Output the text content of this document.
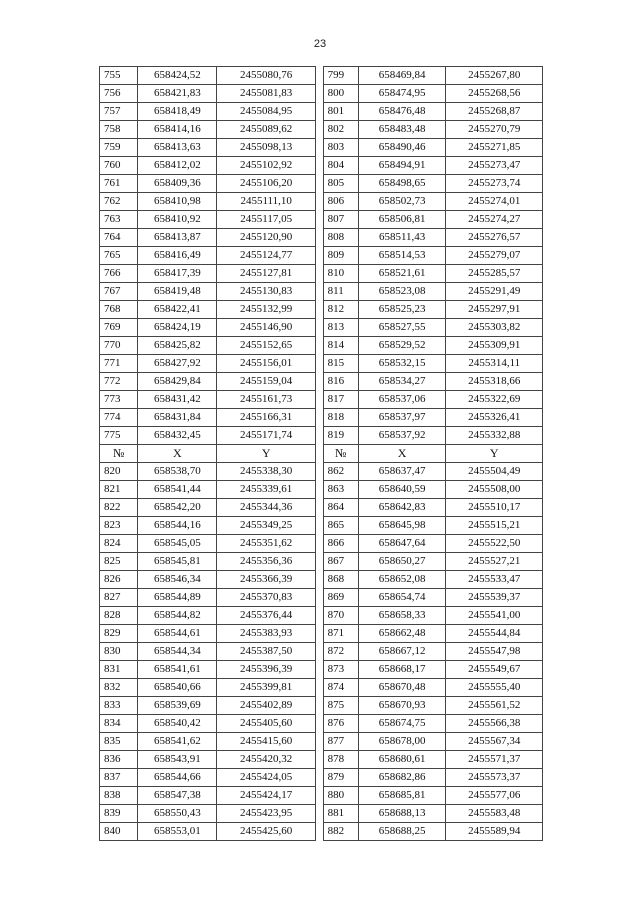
23
755	658424,52	2455080,76		799	658469,84	2455267,80
756	658421,83	2455081,83		800	658474,95	2455268,56
757	658418,49	2455084,95		801	658476,48	2455268,87
758	658414,16	2455089,62		802	658483,48	2455270,79
759	658413,63	2455098,13		803	658490,46	2455271,85
760	658412,02	2455102,92		804	658494,91	2455273,47
761	658409,36	2455106,20		805	658498,65	2455273,74
762	658410,98	2455111,10		806	658502,73	2455274,01
763	658410,92	2455117,05		807	658506,81	2455274,27
764	658413,87	2455120,90		808	658511,43	2455276,57
765	658416,49	2455124,77		809	658514,53	2455279,07
766	658417,39	2455127,81		810	658521,61	2455285,57
767	658419,48	2455130,83		811	658523,08	2455291,49
768	658422,41	2455132,99		812	658525,23	2455297,91
769	658424,19	2455146,90		813	658527,55	2455303,82
770	658425,82	2455152,65		814	658529,52	2455309,91
771	658427,92	2455156,01		815	658532,15	2455314,11
772	658429,84	2455159,04		816	658534,27	2455318,66
773	658431,42	2455161,73		817	658537,06	2455322,69
774	658431,84	2455166,31		818	658537,97	2455326,41
775	658432,45	2455171,74		819	658537,92	2455332,88
№	X	Y		№	X	Y
820	658538,70	2455338,30		862	658637,47	2455504,49
821	658541,44	2455339,61		863	658640,59	2455508,00
822	658542,20	2455344,36		864	658642,83	2455510,17
823	658544,16	2455349,25		865	658645,98	2455515,21
824	658545,05	2455351,62		866	658647,64	2455522,50
825	658545,81	2455356,36		867	658650,27	2455527,21
826	658546,34	2455366,39		868	658652,08	2455533,47
827	658544,89	2455370,83		869	658654,74	2455539,37
828	658544,82	2455376,44		870	658658,33	2455541,00
829	658544,61	2455383,93		871	658662,48	2455544,84
830	658544,34	2455387,50		872	658667,12	2455547,98
831	658541,61	2455396,39		873	658668,17	2455549,67
832	658540,66	2455399,81		874	658670,48	2455555,40
833	658539,69	2455402,89		875	658670,93	2455561,52
834	658540,42	2455405,60		876	658674,75	2455566,38
835	658541,62	2455415,60		877	658678,00	2455567,34
836	658543,91	2455420,32		878	658680,61	2455571,37
837	658544,66	2455424,05		879	658682,86	2455573,37
838	658547,38	2455424,17		880	658685,81	2455577,06
839	658550,43	2455423,95		881	658688,13	2455583,48
840	658553,01	2455425,60		882	658688,25	2455589,94
